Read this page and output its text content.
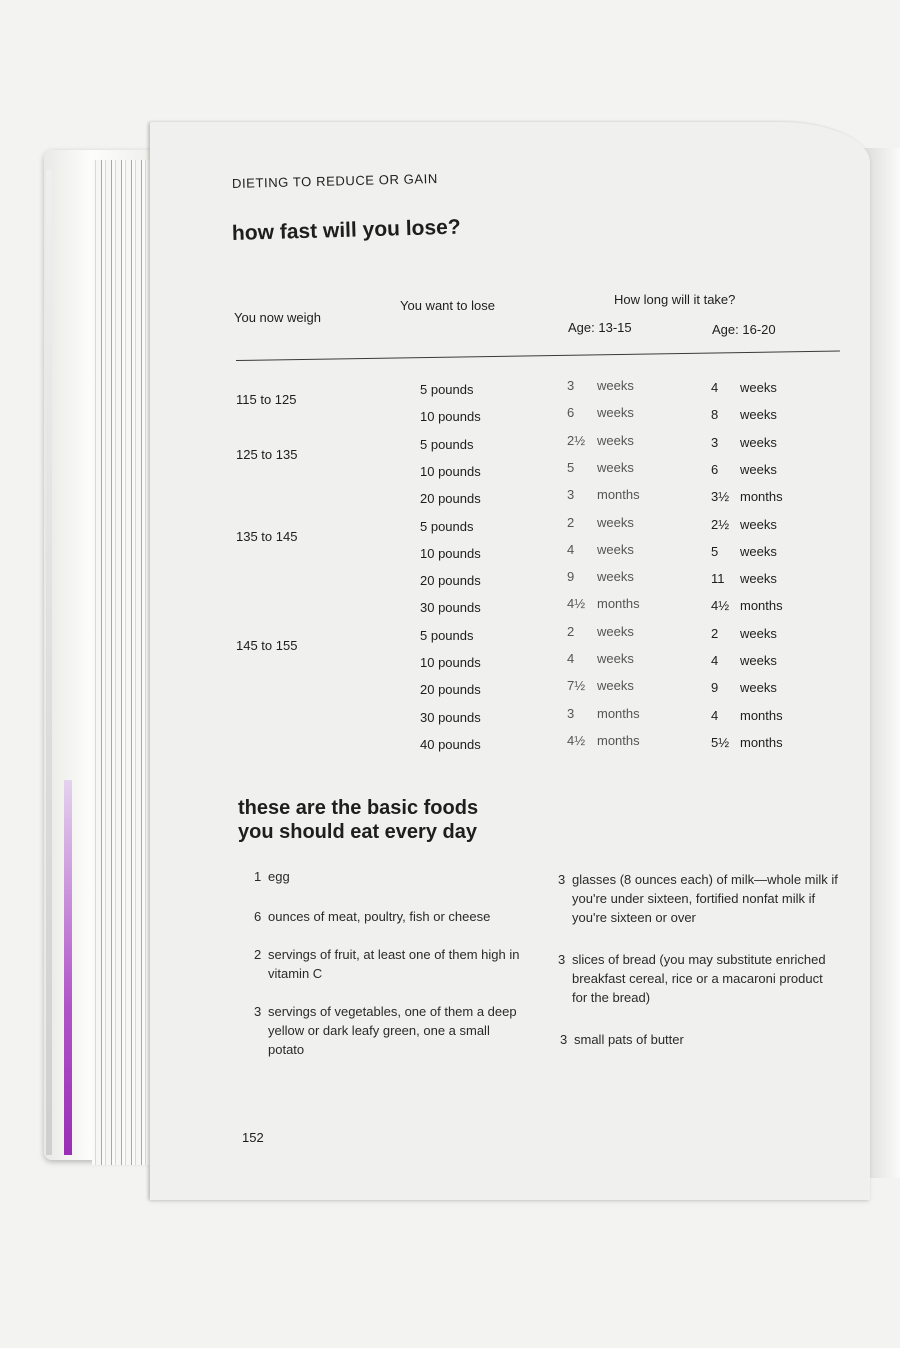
DIETING TO REDUCE OR GAIN
how fast will you lose?
You now weigh
You want to lose	How long will it take?
Age: 13-15	Age: 16-20
115 to 125
5 pounds	3 weeks	4 weeks
10 pounds	6 weeks	8 weeks
125 to 135
5 pounds	2½ weeks	3 weeks
10 pounds	5 weeks	6 weeks
20 pounds	3 months	3½ months
135 to 145
5 pounds	2 weeks	2½ weeks
10 pounds	4 weeks	5 weeks
20 pounds	9 weeks	11 weeks
30 pounds	4½ months	4½ months
145 to 155
5 pounds	2 weeks	2 weeks
10 pounds	4 weeks	4 weeks
20 pounds	7½ weeks	9 weeks
30 pounds	3 months	4 months
40 pounds	4½ months	5½ months
these are the basic foods
you should eat every day
1 egg
6 ounces of meat, poultry, fish or cheese
2 servings of fruit, at least one of them high in vitamin C
3 servings of vegetables, one of them a deep yellow or dark leafy green, one a small potato
3 glasses (8 ounces each) of milk—whole milk if you're under sixteen, fortified nonfat milk if you're sixteen or over
3 slices of bread (you may substitute enriched breakfast cereal, rice or a macaroni product for the bread)
3 small pats of butter
152
